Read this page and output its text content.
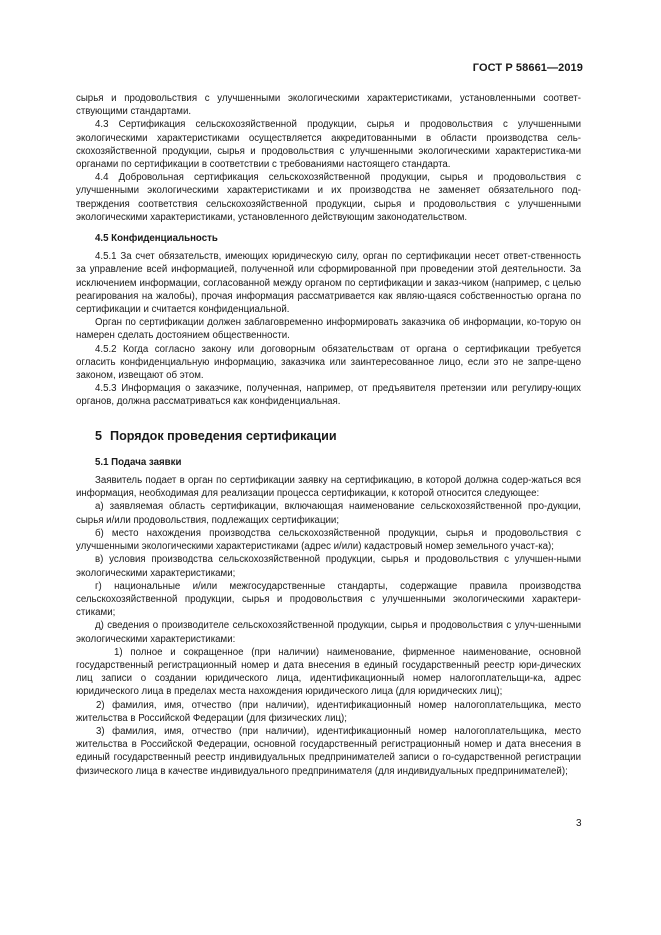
ГОСТ Р 58661—2019

сырья и продовольствия с улучшенными экологическими характеристиками, установленными соответ-ствующими стандартами.

4.3 Сертификация сельскохозяйственной продукции, сырья и продовольствия с улучшенными экологическими характеристиками осуществляется аккредитованными в области производства сель-скохозяйственной продукции, сырья и продовольствия с улучшенными экологическими характеристика-ми органами по сертификации в соответствии с требованиями настоящего стандарта.

4.4 Добровольная сертификация сельскохозяйственной продукции, сырья и продовольствия с улучшенными экологическими характеристиками и их производства не заменяет обязательного под-тверждения соответствия сельскохозяйственной продукции, сырья и продовольствия с улучшенными экологическими характеристиками, установленного действующим законодательством.

4.5 Конфиденциальность

4.5.1 За счет обязательств, имеющих юридическую силу, орган по сертификации несет ответ-ственность за управление всей информацией, полученной или сформированной при проведении этой деятельности. За исключением информации, согласованной между органом по сертификации и заказ-чиком (например, с целью реагирования на жалобы), прочая информация рассматривается как являю-щаяся собственностью органа по сертификации и считается конфиденциальной.

Орган по сертификации должен заблаговременно информировать заказчика об информации, ко-торую он намерен сделать достоянием общественности.

4.5.2 Когда согласно закону или договорным обязательствам от органа о сертификации требуется огласить конфиденциальную информацию, заказчика или заинтересованное лицо, если это не запре-щено законом, извещают об этом.

4.5.3 Информация о заказчике, полученная, например, от предъявителя претензии или регулиру-ющих органов, должна рассматриваться как конфиденциальная.

5 Порядок проведения сертификации

5.1 Подача заявки

Заявитель подает в орган по сертификации заявку на сертификацию, в которой должна содер-жаться вся информация, необходимая для реализации процесса сертификации, к которой относится следующее:

а) заявляемая область сертификации, включающая наименование сельскохозяйственной про-дукции, сырья и/или продовольствия, подлежащих сертификации;

б) место нахождения производства сельскохозяйственной продукции, сырья и продовольствия с улучшенными экологическими характеристиками (адрес и/или) кадастровый номер земельного участ-ка);

в) условия производства сельскохозяйственной продукции, сырья и продовольствия с улучшен-ными экологическими характеристиками;

г) национальные и/или межгосударственные стандарты, содержащие правила производства сельскохозяйственной продукции, сырья и продовольствия с улучшенными экологическими характери-стиками;

д) сведения о производителе сельскохозяйственной продукции, сырья и продовольствия с улуч-шенными экологическими характеристиками:

1) полное и сокращенное (при наличии) наименование, фирменное наименование, основной государственный регистрационный номер и дата внесения в единый государственный реестр юри-дических лиц записи о создании юридического лица, идентификационный номер налогоплательщи-ка, адрес юридического лица в пределах места нахождения юридического лица (для юридических лиц);

2) фамилия, имя, отчество (при наличии), идентификационный номер налогоплательщика, место жительства в Российской Федерации (для физических лиц);

3) фамилия, имя, отчество (при наличии), идентификационный номер налогоплательщика, место жительства в Российской Федерации, основной государственный регистрационный номер и дата внесения в единый государственный реестр индивидуальных предпринимателей записи о го-сударственной регистрации физического лица в качестве индивидуального предпринимателя (для индивидуальных предпринимателей);

3
